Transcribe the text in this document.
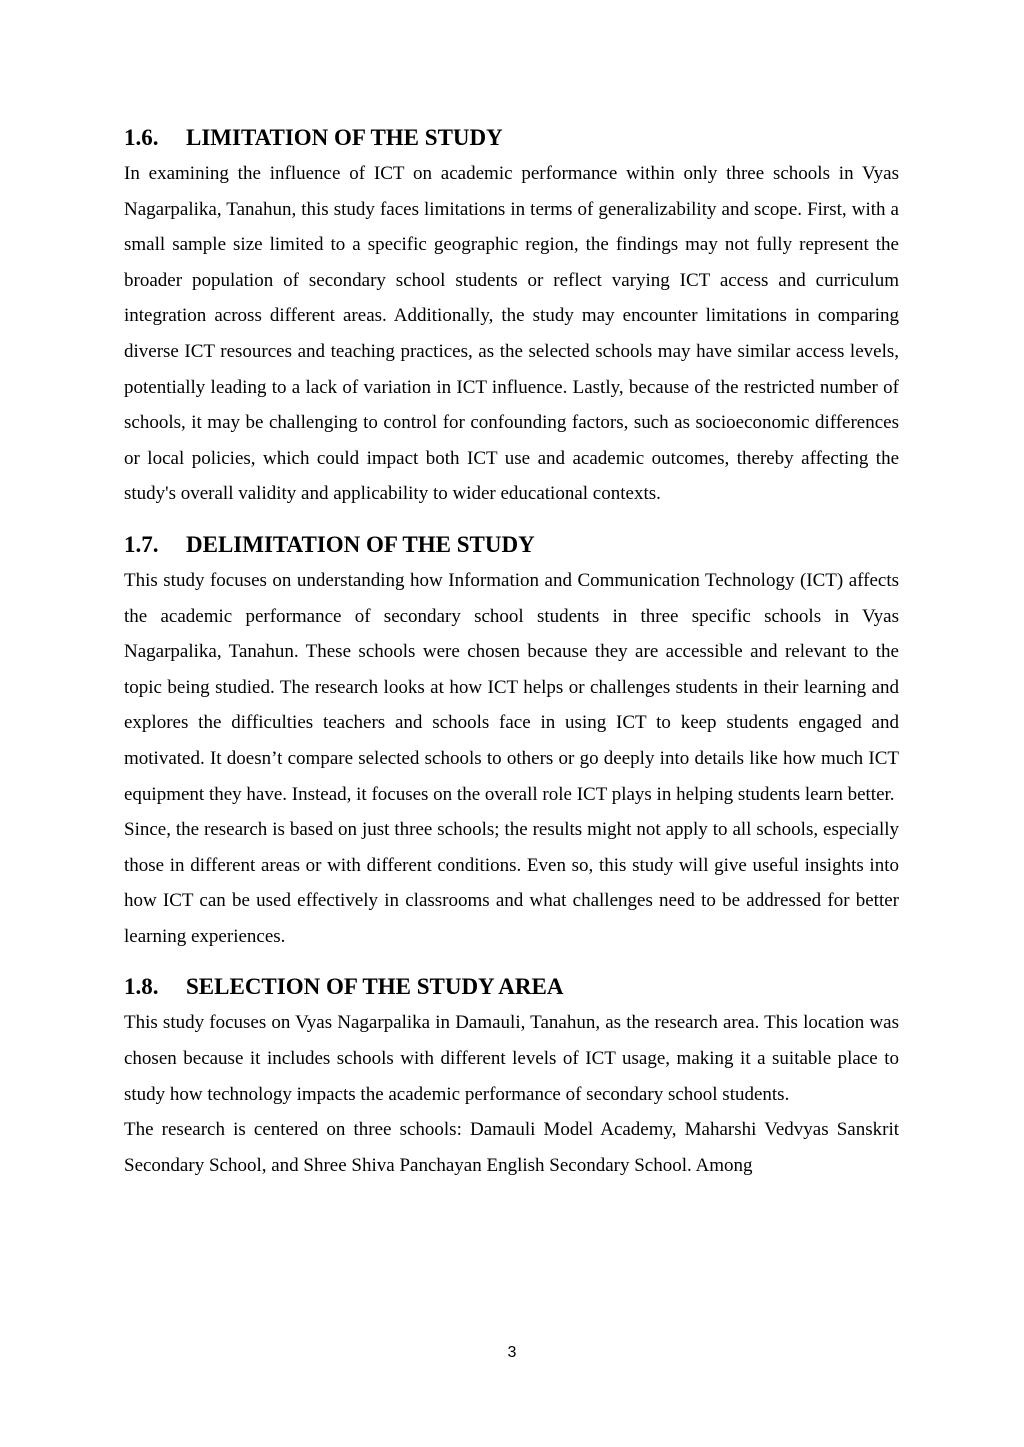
1.6.	LIMITATION OF THE STUDY

In examining the influence of ICT on academic performance within only three schools in Vyas Nagarpalika, Tanahun, this study faces limitations in terms of generalizability and scope. First, with a small sample size limited to a specific geographic region, the findings may not fully represent the broader population of secondary school students or reflect varying ICT access and curriculum integration across different areas. Additionally, the study may encounter limitations in comparing diverse ICT resources and teaching practices, as the selected schools may have similar access levels, potentially leading to a lack of variation in ICT influence. Lastly, because of the restricted number of schools, it may be challenging to control for confounding factors, such as socioeconomic differences or local policies, which could impact both ICT use and academic outcomes, thereby affecting the study's overall validity and applicability to wider educational contexts.

1.7.	DELIMITATION OF THE STUDY

This study focuses on understanding how Information and Communication Technology (ICT) affects the academic performance of secondary school students in three specific schools in Vyas Nagarpalika, Tanahun. These schools were chosen because they are accessible and relevant to the topic being studied. The research looks at how ICT helps or challenges students in their learning and explores the difficulties teachers and schools face in using ICT to keep students engaged and motivated. It doesn’t compare selected schools to others or go deeply into details like how much ICT equipment they have. Instead, it focuses on the overall role ICT plays in helping students learn better.

Since, the research is based on just three schools; the results might not apply to all schools, especially those in different areas or with different conditions. Even so, this study will give useful insights into how ICT can be used effectively in classrooms and what challenges need to be addressed for better learning experiences.

1.8.	SELECTION OF THE STUDY AREA

This study focuses on Vyas Nagarpalika in Damauli, Tanahun, as the research area. This location was chosen because it includes schools with different levels of ICT usage, making it a suitable place to study how technology impacts the academic performance of secondary school students.

The research is centered on three schools: Damauli Model Academy, Maharshi Vedvyas Sanskrit Secondary School, and Shree Shiva Panchayan English Secondary School. Among

3
